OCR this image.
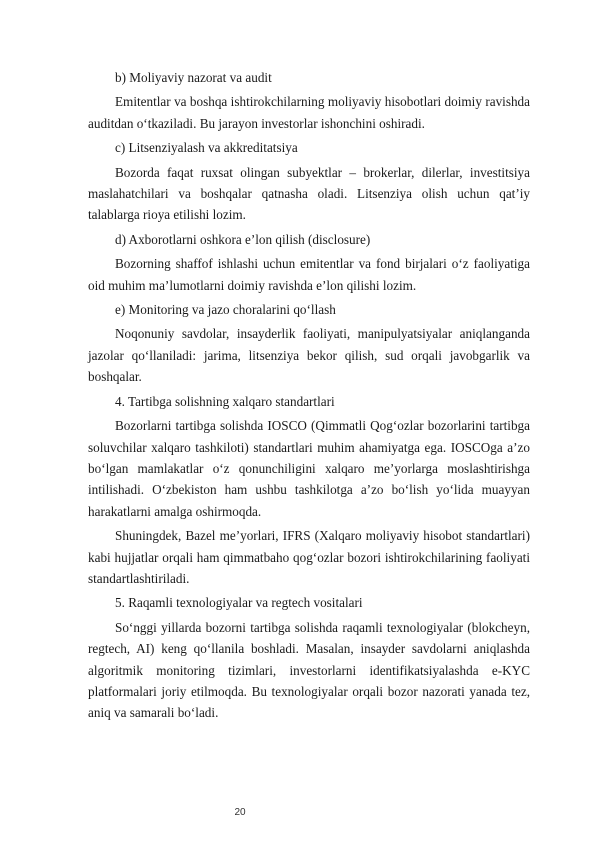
b) Moliyaviy nazorat va audit

Emitentlar va boshqa ishtirokchilarning moliyaviy hisobotlari doimiy ravishda auditdan o‘tkaziladi. Bu jarayon investorlar ishonchini oshiradi.

c) Litsenziyalash va akkreditatsiya

Bozorda faqat ruxsat olingan subyektlar – brokerlar, dilerlar, investitsiya maslahatchilari va boshqalar qatnasha oladi. Litsenziya olish uchun qat’iy talablarga rioya etilishi lozim.

d) Axborotlarni oshkora e’lon qilish (disclosure)

Bozorning shaffof ishlashi uchun emitentlar va fond birjalari o‘z faoliyatiga oid muhim ma’lumotlarni doimiy ravishda e’lon qilishi lozim.

e) Monitoring va jazo choralarini qo‘llash

Noqonuniy savdolar, insayderlik faoliyati, manipulyatsiyalar aniqlanganda jazolar qo‘llaniladi: jarima, litsenziya bekor qilish, sud orqali javobgarlik va boshqalar.

4. Tartibga solishning xalqaro standartlari

Bozorlarni tartibga solishda IOSCO (Qimmatli Qog‘ozlar bozorlarini tartibga soluvchilar xalqaro tashkiloti) standartlari muhim ahamiyatga ega. IOSCOga a’zo bo‘lgan mamlakatlar o‘z qonunchiligini xalqaro me’yorlarga moslashtirishga intilishadi. O‘zbekiston ham ushbu tashkilotga a’zo bo‘lish yo‘lida muayyan harakatlarni amalga oshirmoqda.

Shuningdek, Bazel me’yorlari, IFRS (Xalqaro moliyaviy hisobot standartlari) kabi hujjatlar orqali ham qimmatbaho qog‘ozlar bozori ishtirokchilarining faoliyati standartlashtiriladi.

5. Raqamli texnologiyalar va regtech vositalari

So‘nggi yillarda bozorni tartibga solishda raqamli texnologiyalar (blokcheyn, regtech, AI) keng qo‘llanila boshladi. Masalan, insayder savdolarni aniqlashda algoritmik monitoring tizimlari, investorlarni identifikatsiyalashda e-KYC platformalari joriy etilmoqda. Bu texnologiyalar orqali bozor nazorati yanada tez, aniq va samarali bo‘ladi.

20
